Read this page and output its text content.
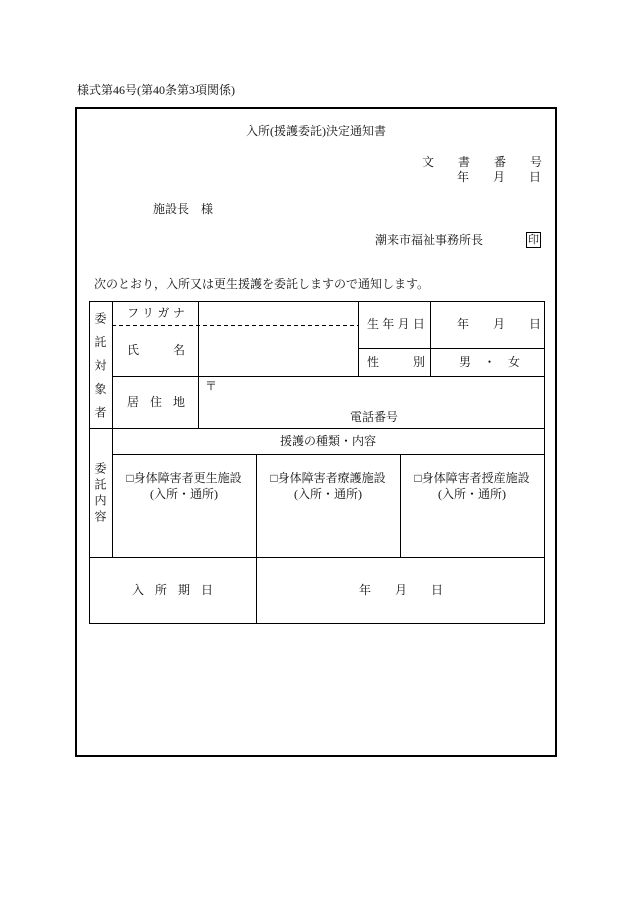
様式第46号(第40条第3項関係)
入所(援護委託)決定通知書
文書番号
年月日
施設長　様
潮来市福祉事務所長	印
次のとおり，入所又は更生援護を委託しますので通知します。
委託対象者 フリガナ
氏名
生年月日 年月日
性別 男・女
居住地
〒
電話番号
委託内容
援護の種類・内容
□身体障害者更生施設
(入所・通所)
□身体障害者療護施設
(入所・通所)
□身体障害者授産施設
(入所・通所)
入所期日	年月日
